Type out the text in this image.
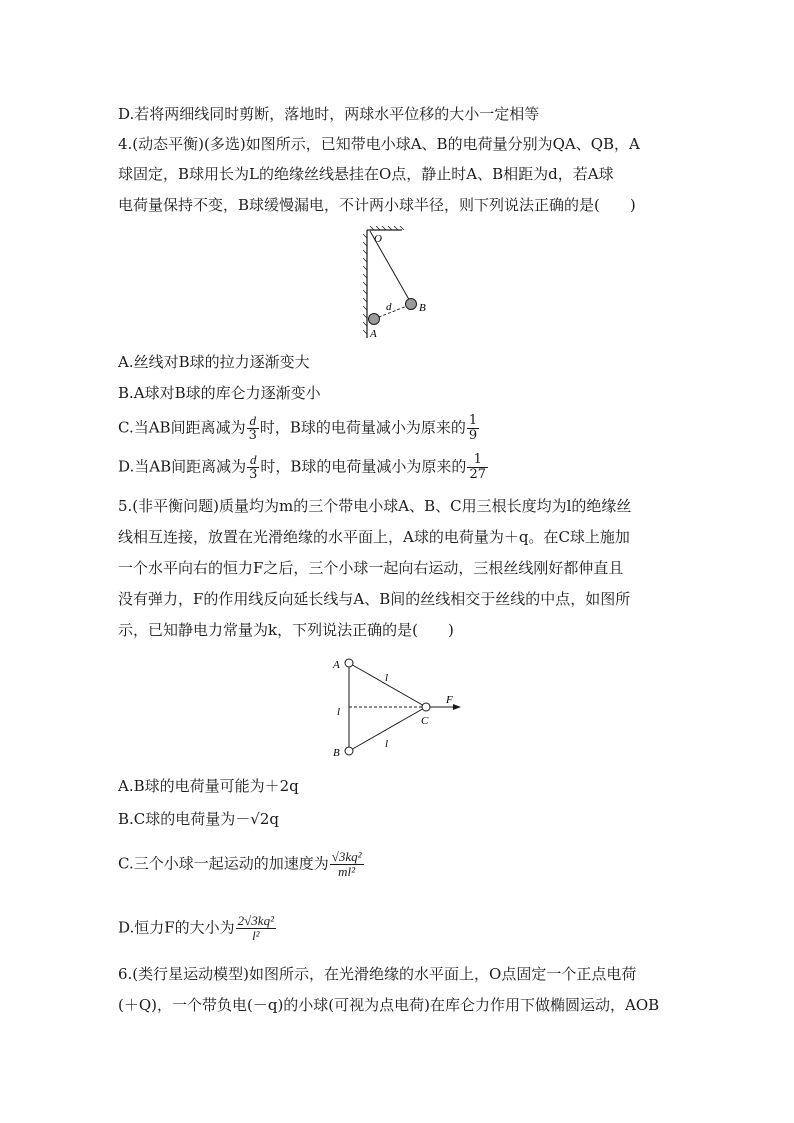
D.若将两细线同时剪断，落地时，两球水平位移的大小一定相等
4.(动态平衡)(多选)如图所示，已知带电小球A、B的电荷量分别为QA、QB，A
球固定，B球用长为L的绝缘丝线悬挂在O点，静止时A、B相距为d，若A球
电荷量保持不变，B球缓慢漏电，不计两小球半径，则下列说法正确的是(　　)
O
B
A
d
A.丝线对B球的拉力逐渐变大
B.A球对B球的库仑力逐渐变小
C.当AB间距离减为 $\frac{d}{3}$ 时，B球的电荷量减小为原来的 $\frac{1}{9}$
D.当AB间距离减为 $\frac{d}{3}$ 时，B球的电荷量减小为原来的 $\frac{1}{27}$
5.(非平衡问题)质量均为m的三个带电小球A、B、C用三根长度均为l的绝缘丝
线相互连接，放置在光滑绝缘的水平面上，A球的电荷量为＋q。在C球上施加
一个水平向右的恒力F之后，三个小球一起向右运动，三根丝线刚好都伸直且
没有弹力，F的作用线反向延长线与A、B间的丝线相交于丝线的中点，如图所
示，已知静电力常量为k，下列说法正确的是(　　)
A
B
C
F
l
l
l
A.B球的电荷量可能为＋2q
B.C球的电荷量为－√2q
C.三个小球一起运动的加速度为 $\frac{\text{√3kq²}}{\text{ml²}}$
D.恒力F的大小为 $\frac{\text{2√3kq²}}{\text{l²}}$
6.(类行星运动模型)如图所示，在光滑绝缘的水平面上，O点固定一个正点电荷
(＋Q)，一个带负电(－q)的小球(可视为点电荷)在库仑力作用下做椭圆运动，AOB
